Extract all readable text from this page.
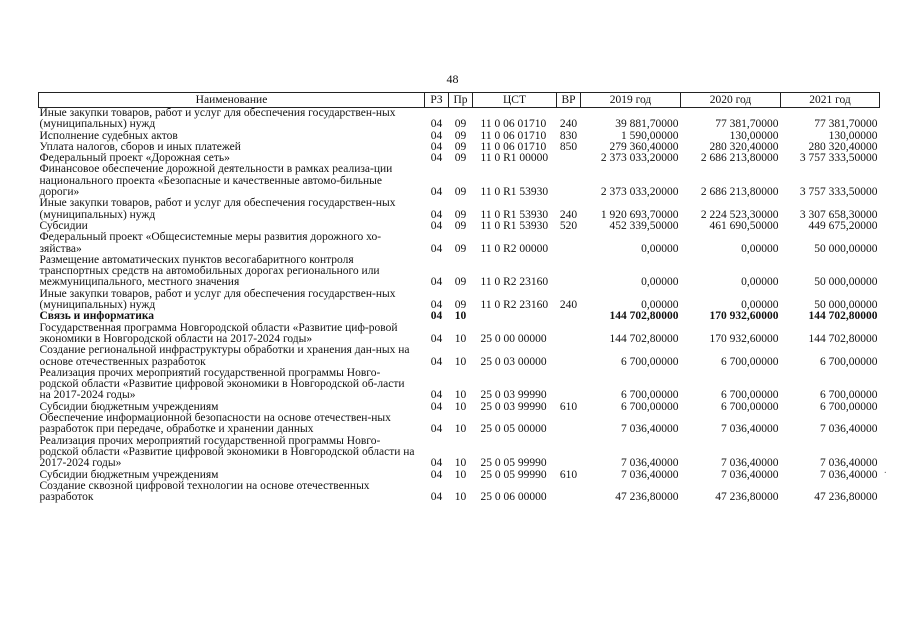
48
Наименование	РЗ	Пр	ЦСТ	ВР	2019 год	2020 год	2021 год
Иные закупки товаров, работ и услуг для обеспечения государствен-ных (муниципальных) нужд	04	09	11 0 06 01710	240	39 881,70000	77 381,70000	77 381,70000
Исполнение судебных актов	04	09	11 0 06 01710	830	1 590,00000	130,00000	130,00000
Уплата налогов, сборов и иных платежей	04	09	11 0 06 01710	850	279 360,40000	280 320,40000	280 320,40000
Федеральный проект «Дорожная сеть»	04	09	11 0 R1 00000		2 373 033,20000	2 686 213,80000	3 757 333,50000
Финансовое обеспечение дорожной деятельности в рамках реализа-ции национального проекта «Безопасные и качественные автомо-бильные дороги»	04	09	11 0 R1 53930		2 373 033,20000	2 686 213,80000	3 757 333,50000
Иные закупки товаров, работ и услуг для обеспечения государствен-ных (муниципальных) нужд	04	09	11 0 R1 53930	240	1 920 693,70000	2 224 523,30000	3 307 658,30000
Субсидии	04	09	11 0 R1 53930	520	452 339,50000	461 690,50000	449 675,20000
Федеральный проект «Общесистемные меры развития дорожного хо-зяйства»	04	09	11 0 R2 00000		0,00000	0,00000	50 000,00000
Размещение автоматических пунктов весогабаритного контроля транспортных средств на автомобильных дорогах регионального или межмуниципального, местного значения	04	09	11 0 R2 23160		0,00000	0,00000	50 000,00000
Иные закупки товаров, работ и услуг для обеспечения государствен-ных (муниципальных) нужд	04	09	11 0 R2 23160	240	0,00000	0,00000	50 000,00000
Связь и информатика	04	10			144 702,80000	170 932,60000	144 702,80000
Государственная программа Новгородской области «Развитие циф-ровой экономики в Новгородской области на 2017-2024 годы»	04	10	25 0 00 00000		144 702,80000	170 932,60000	144 702,80000
Создание региональной инфраструктуры обработки и хранения дан-ных на основе отечественных разработок	04	10	25 0 03 00000		6 700,00000	6 700,00000	6 700,00000
Реализация прочих мероприятий государственной программы Новго-родской области «Развитие цифровой экономики в Новгородской об-ласти на 2017-2024 годы»	04	10	25 0 03 99990		6 700,00000	6 700,00000	6 700,00000
Субсидии бюджетным учреждениям	04	10	25 0 03 99990	610	6 700,00000	6 700,00000	6 700,00000
Обеспечение информационной безопасности на основе отечествен-ных разработок при передаче, обработке и хранении данных	04	10	25 0 05 00000		7 036,40000	7 036,40000	7 036,40000
Реализация прочих мероприятий государственной программы Новго-родской области «Развитие цифровой экономики в Новгородской области на 2017-2024 годы»	04	10	25 0 05 99990		7 036,40000	7 036,40000	7 036,40000
Субсидии бюджетным учреждениям	04	10	25 0 05 99990	610	7 036,40000	7 036,40000	7 036,40000
Создание сквозной цифровой технологии на основе отечественных разработок	04	10	25 0 06 00000		47 236,80000	47 236,80000	47 236,80000
·
